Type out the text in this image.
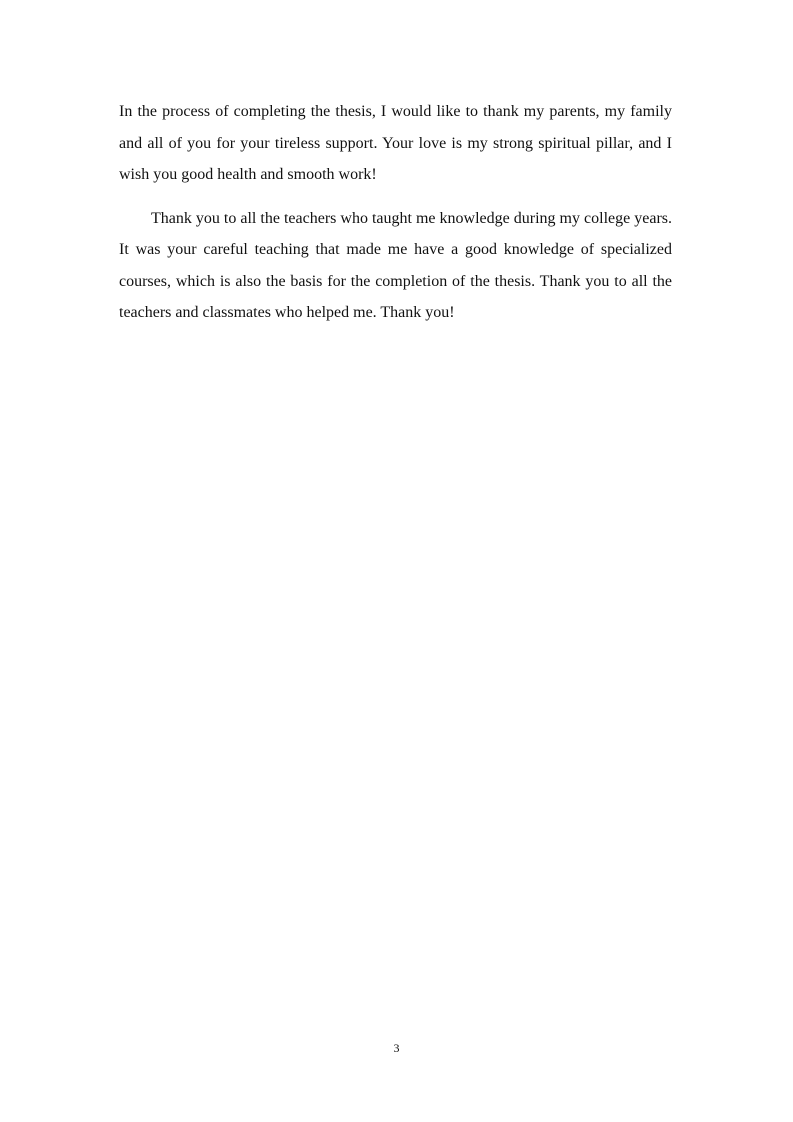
In the process of completing the thesis, I would like to thank my parents, my family and all of you for your tireless support. Your love is my strong spiritual pillar, and I wish you good health and smooth work!

Thank you to all the teachers who taught me knowledge during my college years. It was your careful teaching that made me have a good knowledge of specialized courses, which is also the basis for the completion of the thesis. Thank you to all the teachers and classmates who helped me. Thank you!

3
